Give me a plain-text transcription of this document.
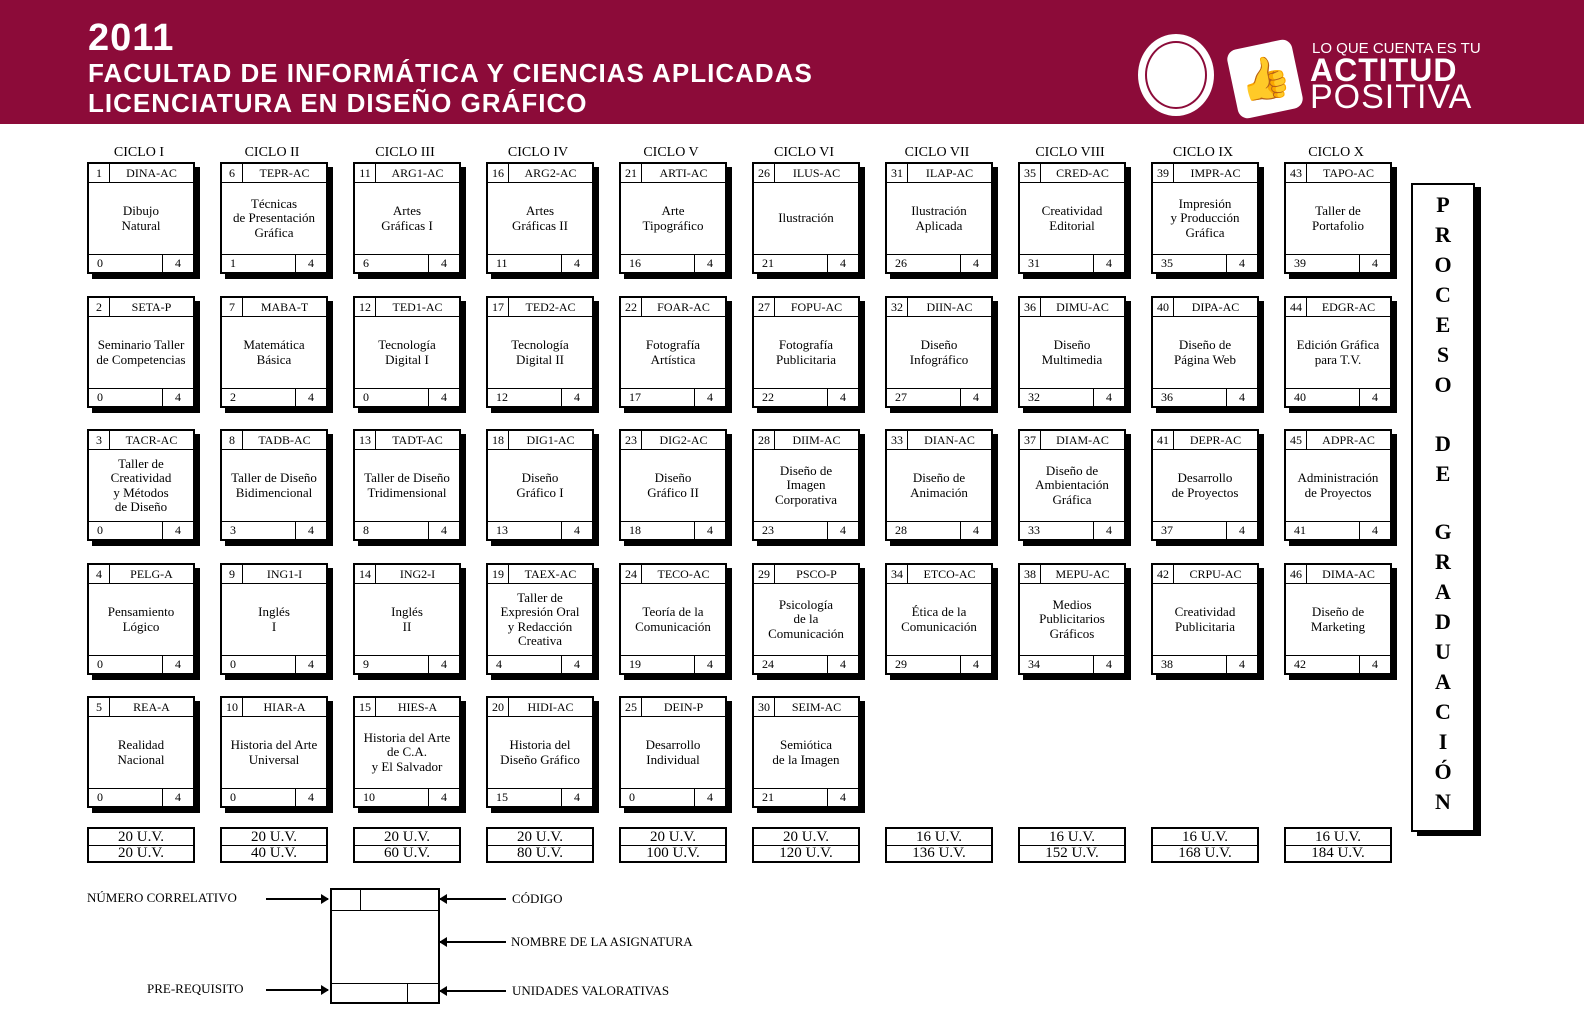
2011
FACULTAD DE INFORMÁTICA Y CIENCIAS APLICADAS
LICENCIATURA EN DISEÑO GRÁFICO	👍
LO QUE CUENTA ES TU
ACTITUD
POSITIVA
CICLO I
1	DINA-AC
Dibujo
Natural
0	4
2	SETA-P
Seminario Taller
de Competencias
0	4
3	TACR-AC
Taller de
Creatividad
y Métodos
de Diseño
0	4
4	PELG-A
Pensamiento
Lógico
0	4
5	REA-A
Realidad
Nacional
0	4
20 U.V.
20 U.V.
CICLO II
6	TEPR-AC
Técnicas
de Presentación
Gráfica
1	4
7	MABA-T
Matemática
Básica
2	4
8	TADB-AC
Taller de Diseño
Bidimencional
3	4
9	ING1-I
Inglés
I
0	4
10	HIAR-A
Historia del Arte
Universal
0	4
20 U.V.
40 U.V.
CICLO III
11	ARG1-AC
Artes
Gráficas I
6	4
12	TED1-AC
Tecnología
Digital I
0	4
13	TADT-AC
Taller de Diseño
Tridimensional
8	4
14	ING2-I
Inglés
II
9	4
15	HIES-A
Historia del Arte
de C.A.
y El Salvador
10	4
20 U.V.
60 U.V.
CICLO IV
16	ARG2-AC
Artes
Gráficas II
11	4
17	TED2-AC
Tecnología
Digital II
12	4
18	DIG1-AC
Diseño
Gráfico I
13	4
19	TAEX-AC
Taller de
Expresión Oral
y Redacción
Creativa
4	4
20	HIDI-AC
Historia del
Diseño Gráfico
15	4
20 U.V.
80 U.V.
CICLO V
21	ARTI-AC
Arte
Tipográfico
16	4
22	FOAR-AC
Fotografía
Artística
17	4
23	DIG2-AC
Diseño
Gráfico II
18	4
24	TECO-AC
Teoría de la
Comunicación
19	4
25	DEIN-P
Desarrollo
Individual
0	4
20 U.V.
100 U.V.
CICLO VI
26	ILUS-AC
Ilustración
21	4
27	FOPU-AC
Fotografía
Publicitaria
22	4
28	DIIM-AC
Diseño de
Imagen
Corporativa
23	4
29	PSCO-P
Psicología
de la
Comunicación
24	4
30	SEIM-AC
Semiótica
de la Imagen
21	4
20 U.V.
120 U.V.
CICLO VII
31	ILAP-AC
Ilustración
Aplicada
26	4
32	DIIN-AC
Diseño
Infográfico
27	4
33	DIAN-AC
Diseño de
Animación
28	4
34	ETCO-AC
Ética de la
Comunicación
29	4
16 U.V.
136 U.V.
CICLO VIII
35	CRED-AC
Creatividad
Editorial
31	4
36	DIMU-AC
Diseño
Multimedia
32	4
37	DIAM-AC
Diseño de
Ambientación
Gráfica
33	4
38	MEPU-AC
Medios
Publicitarios
Gráficos
34	4
16 U.V.
152 U.V.
CICLO IX
39	IMPR-AC
Impresión
y Producción
Gráfica
35	4
40	DIPA-AC
Diseño de
Página Web
36	4
41	DEPR-AC
Desarrollo
de Proyectos
37	4
42	CRPU-AC
Creatividad
Publicitaria
38	4
16 U.V.
168 U.V.
CICLO X
43	TAPO-AC
Taller de
Portafolio
39	4
44	EDGR-AC
Edición Gráfica
para T.V.
40	4
45	ADPR-AC
Administración
de Proyectos
41	4
46	DIMA-AC
Diseño de
Marketing
42	4
16 U.V.
184 U.V.
P
R
O
C
E
S
O
D
E
G
R
A
D
U
A
C
I
Ó
N
NÚMERO CORRELATIVO	CÓDIGO
NOMBRE DE LA ASIGNATURA
PRE-REQUISITO	UNIDADES VALORATIVAS
